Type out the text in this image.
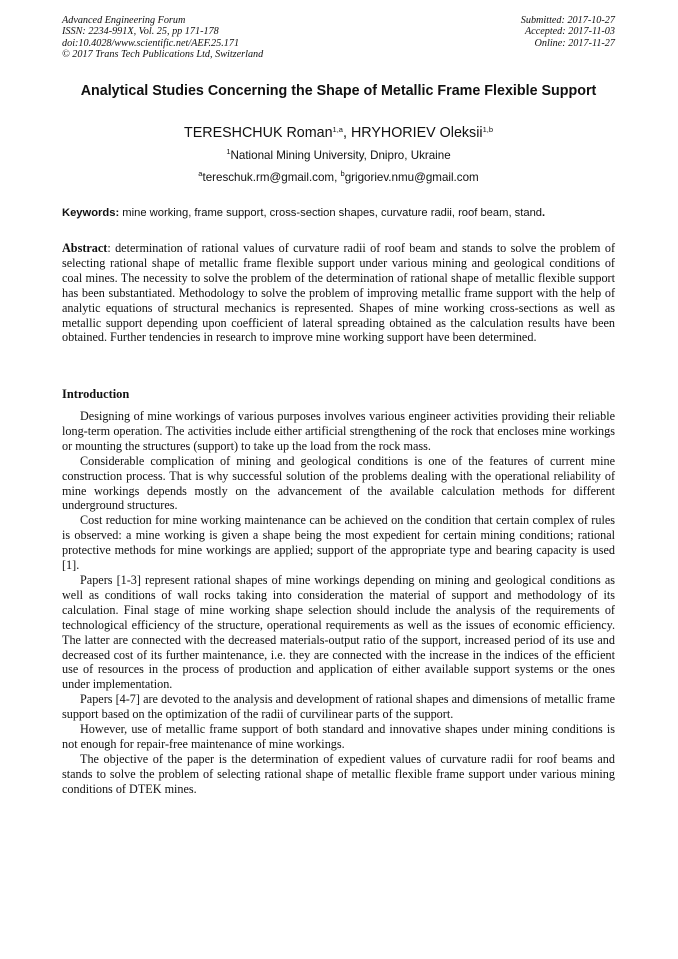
Advanced Engineering Forum
ISSN: 2234-991X, Vol. 25, pp 171-178
doi:10.4028/www.scientific.net/AEF.25.171
© 2017 Trans Tech Publications Ltd, Switzerland
Submitted: 2017-10-27
Accepted: 2017-11-03
Online: 2017-11-27
Analytical Studies Concerning the Shape of Metallic Frame Flexible Support
TERESHCHUK Roman$^{1,a}$, HRYHORIEV Oleksii$^{1,b}$
$^1$National Mining University, Dnipro, Ukraine
$^a$tereschuk.rm@gmail.com, $^b$grigoriev.nmu@gmail.com
Keywords: mine working, frame support, cross-section shapes, curvature radii, roof beam, stand.
Abstract: determination of rational values of curvature radii of roof beam and stands to solve the problem of selecting rational shape of metallic frame flexible support under various mining and geological conditions of coal mines. The necessity to solve the problem of the determination of rational shape of metallic flexible support has been substantiated. Methodology to solve the problem of improving metallic frame support with the help of analytic equations of structural mechanics is represented. Shapes of mine working cross-sections as well as metallic support depending upon coefficient of lateral spreading obtained as the calculation results have been obtained. Further tendencies in research to improve mine working support have been determined.
Introduction

Designing of mine workings of various purposes involves various engineer activities providing their reliable long-term operation. The activities include either artificial strengthening of the rock that encloses mine workings or mounting the structures (support) to take up the load from the rock mass.

Considerable complication of mining and geological conditions is one of the features of current mine construction process. That is why successful solution of the problems dealing with the operational reliability of mine workings depends mostly on the advancement of the available calculation methods for different underground structures.

Cost reduction for mine working maintenance can be achieved on the condition that certain complex of rules is observed: a mine working is given a shape being the most expedient for certain mining conditions; rational protective methods for mine workings are applied; support of the appropriate type and bearing capacity is used [1].

Papers [1-3] represent rational shapes of mine workings depending on mining and geological conditions as well as conditions of wall rocks taking into consideration the material of support and methodology of its calculation. Final stage of mine working shape selection should include the analysis of the requirements of technological efficiency of the structure, operational requirements as well as the issues of economic efficiency. The latter are connected with the decreased materials-output ratio of the support, increased period of its use and decreased cost of its further maintenance, i.e. they are connected with the increase in the indices of the efficient use of resources in the process of production and application of either available support systems or the ones under implementation.

Papers [4-7] are devoted to the analysis and development of rational shapes and dimensions of metallic frame support based on the optimization of the radii of curvilinear parts of the support.

However, use of metallic frame support of both standard and innovative shapes under mining conditions is not enough for repair-free maintenance of mine workings.

The objective of the paper is the determination of expedient values of curvature radii for roof beams and stands to solve the problem of selecting rational shape of metallic flexible frame support under various mining conditions of DTEK mines.
